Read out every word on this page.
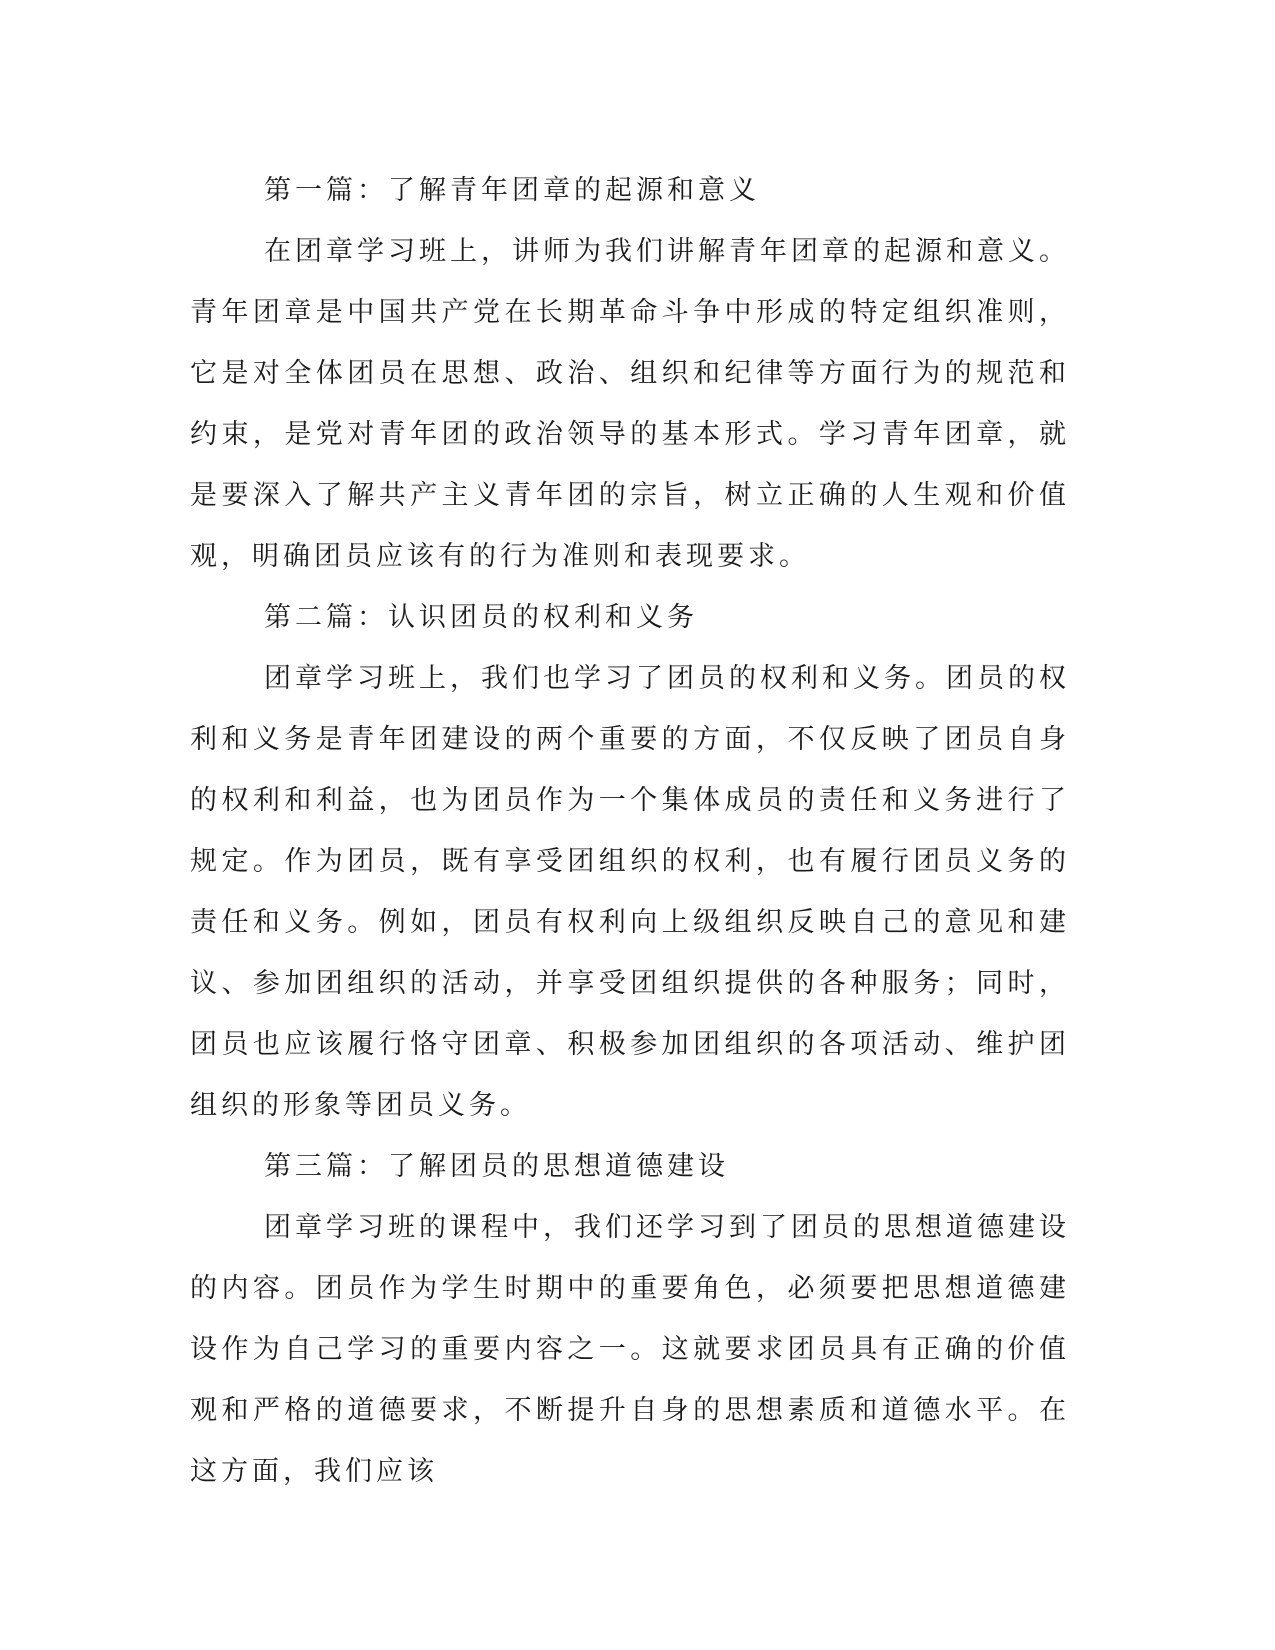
第一篇：了解青年团章的起源和意义

在团章学习班上，讲师为我们讲解青年团章的起源和意义。青年团章是中国共产党在长期革命斗争中形成的特定组织准则，它是对全体团员在思想、政治、组织和纪律等方面行为的规范和约束，是党对青年团的政治领导的基本形式。学习青年团章，就是要深入了解共产主义青年团的宗旨，树立正确的人生观和价值观，明确团员应该有的行为准则和表现要求。

第二篇：认识团员的权利和义务

团章学习班上，我们也学习了团员的权利和义务。团员的权利和义务是青年团建设的两个重要的方面，不仅反映了团员自身的权利和利益，也为团员作为一个集体成员的责任和义务进行了规定。作为团员，既有享受团组织的权利，也有履行团员义务的责任和义务。例如，团员有权利向上级组织反映自己的意见和建议、参加团组织的活动，并享受团组织提供的各种服务；同时，团员也应该履行恪守团章、积极参加团组织的各项活动、维护团组织的形象等团员义务。

第三篇：了解团员的思想道德建设

团章学习班的课程中，我们还学习到了团员的思想道德建设的内容。团员作为学生时期中的重要角色，必须要把思想道德建设作为自己学习的重要内容之一。这就要求团员具有正确的价值观和严格的道德要求，不断提升自身的思想素质和道德水平。在这方面，我们应该
